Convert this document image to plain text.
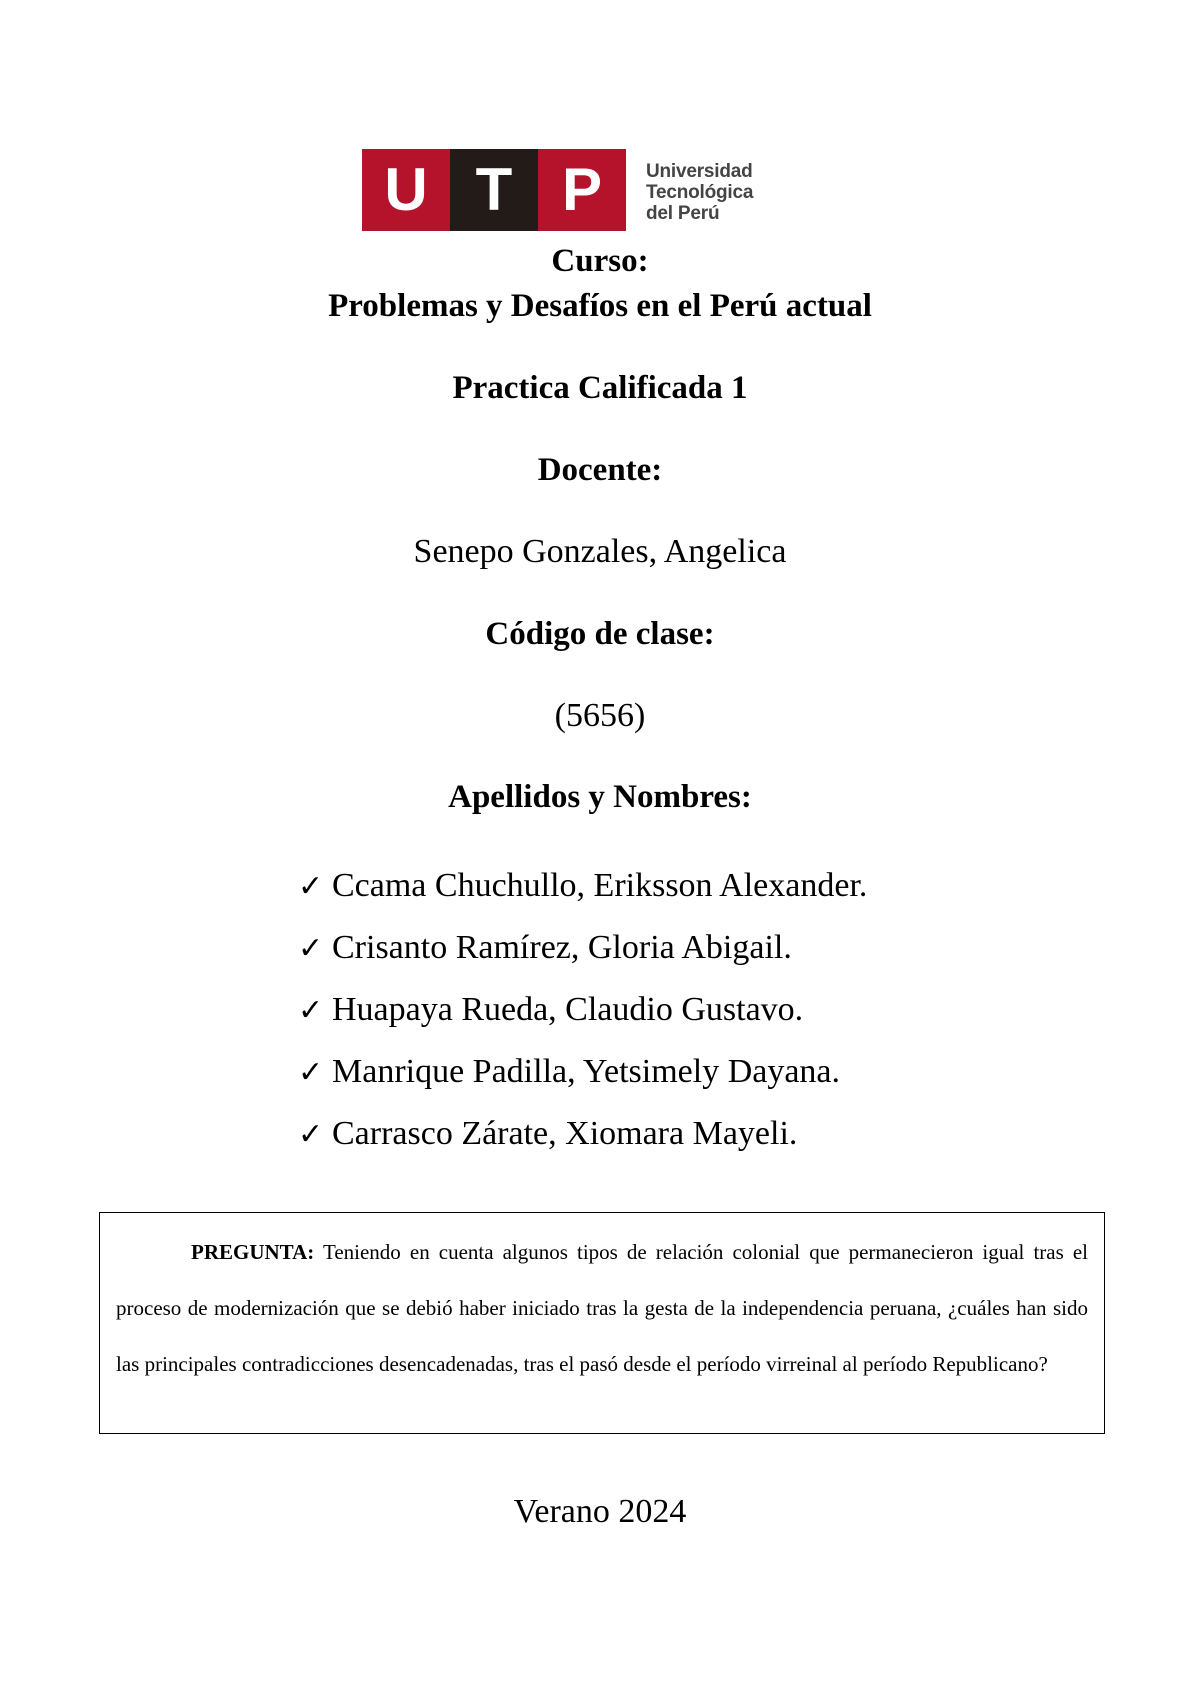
U T P	Universidad
Tecnológica
del Perú
Curso:
Problemas y Desafíos en el Perú actual
Practica Calificada 1
Docente:
Senepo Gonzales, Angelica
Código de clase:
(5656)
Apellidos y Nombres:
✓ Ccama Chuchullo, Eriksson Alexander.
✓ Crisanto Ramírez, Gloria Abigail.
✓ Huapaya Rueda, Claudio Gustavo.
✓ Manrique Padilla, Yetsimely Dayana.
✓ Carrasco Zárate, Xiomara Mayeli.
PREGUNTA: Teniendo en cuenta algunos tipos de relación colonial que permanecieron igual tras el proceso de modernización que se debió haber iniciado tras la gesta de la independencia peruana, ¿cuáles han sido las principales contradicciones desencadenadas, tras el pasó desde el período virreinal al período Republicano?
Verano 2024
